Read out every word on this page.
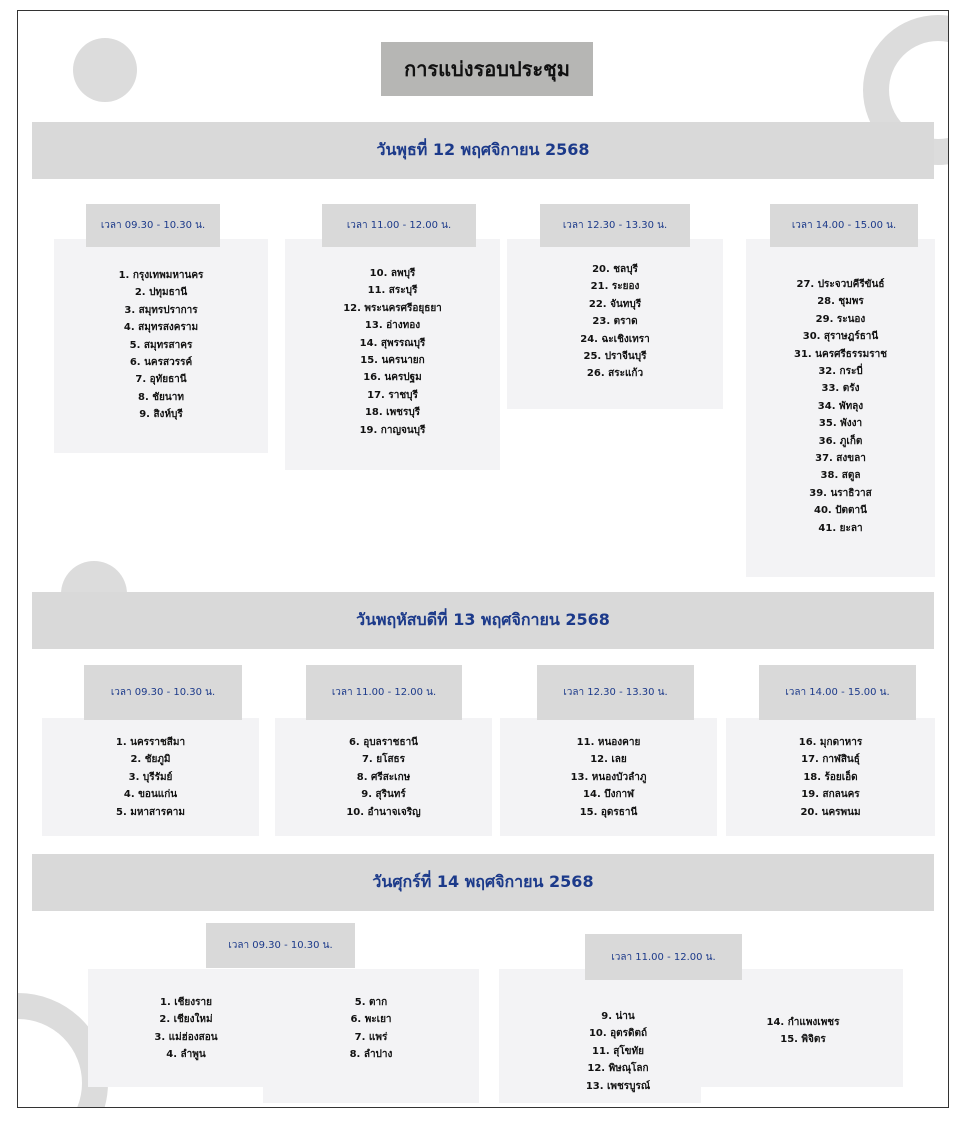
การแบ่งรอบประชุม
วันพุธที่ 12 พฤศจิกายน 2568
เวลา 09.30 - 10.30 น.
1. กรุงเทพมหานคร
2. ปทุมธานี
3. สมุทรปราการ
4. สมุทรสงคราม
5. สมุทรสาคร
6. นครสวรรค์
7. อุทัยธานี
8. ชัยนาท
9. สิงห์บุรี
เวลา 11.00 - 12.00 น.
10. ลพบุรี
11. สระบุรี
12. พระนครศรีอยุธยา
13. อ่างทอง
14. สุพรรณบุรี
15. นครนายก
16. นครปฐม
17. ราชบุรี
18. เพชรบุรี
19. กาญจนบุรี
เวลา 12.30 - 13.30 น.
20. ชลบุรี
21. ระยอง
22. จันทบุรี
23. ตราด
24. ฉะเชิงเทรา
25. ปราจีนบุรี
26. สระแก้ว
เวลา 14.00 - 15.00 น.
27. ประจวบคีรีขันธ์
28. ชุมพร
29. ระนอง
30. สุราษฎร์ธานี
31. นครศรีธรรมราช
32. กระบี่
33. ตรัง
34. พัทลุง
35. พังงา
36. ภูเก็ต
37. สงขลา
38. สตูล
39. นราธิวาส
40. ปัตตานี
41. ยะลา
วันพฤหัสบดีที่ 13 พฤศจิกายน 2568
เวลา 09.30 - 10.30 น.
1. นครราชสีมา
2. ชัยภูมิ
3. บุรีรัมย์
4. ขอนแก่น
5. มหาสารคาม
เวลา 11.00 - 12.00 น.
6. อุบลราชธานี
7. ยโสธร
8. ศรีสะเกษ
9. สุรินทร์
10. อำนาจเจริญ
เวลา 12.30 - 13.30 น.
11. หนองคาย
12. เลย
13. หนองบัวลำภู
14. บึงกาฬ
15. อุดรธานี
เวลา 14.00 - 15.00 น.
16. มุกดาหาร
17. กาฬสินธุ์
18. ร้อยเอ็ด
19. สกลนคร
20. นครพนม
วันศุกร์ที่ 14 พฤศจิกายน 2568
เวลา 09.30 - 10.30 น.
1. เชียงราย
2. เชียงใหม่
3. แม่ฮ่องสอน
4. ลำพูน
5. ตาก
6. พะเยา
7. แพร่
8. ลำปาง
เวลา 11.00 - 12.00 น.
9. น่าน
10. อุตรดิตถ์
11. สุโขทัย
12. พิษณุโลก
13. เพชรบูรณ์
14. กำแพงเพชร
15. พิจิตร
